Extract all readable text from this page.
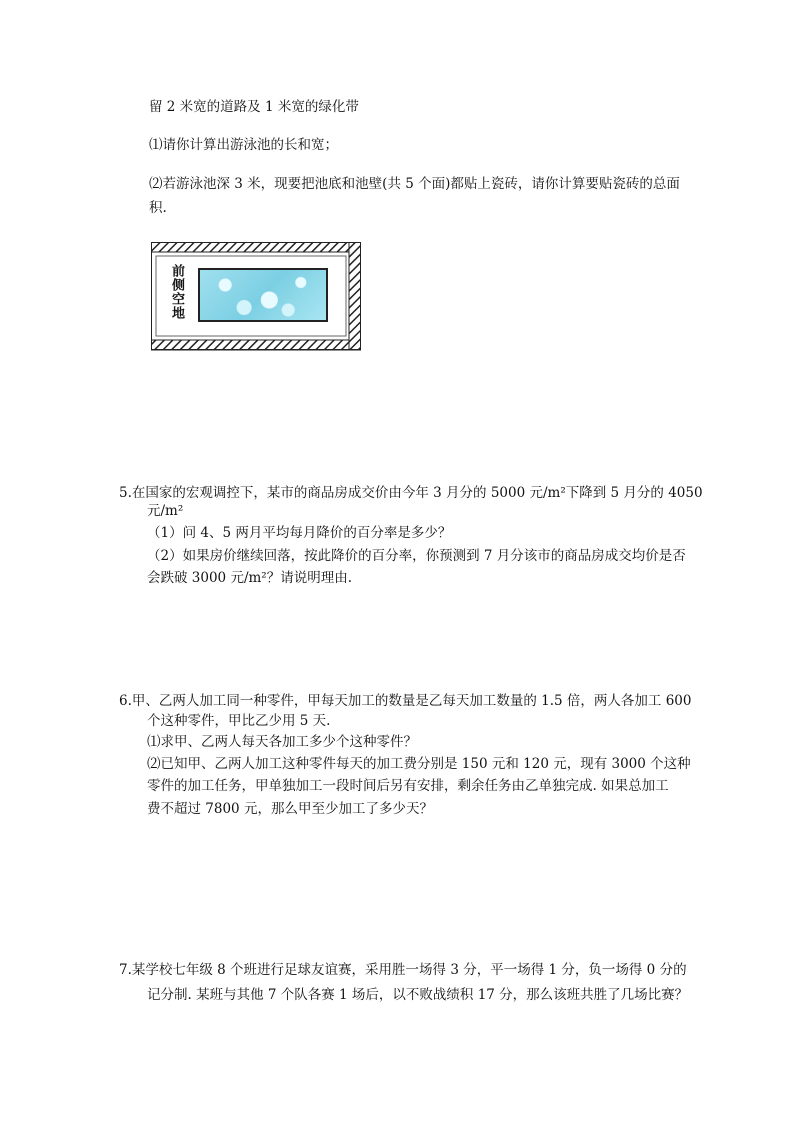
留 2 米宽的道路及 1 米宽的绿化带
⑴请你计算出游泳池的长和宽；
⑵若游泳池深 3 米，现要把池底和池壁(共 5 个面)都贴上瓷砖，请你计算要贴瓷砖的总面
积.
前侧空地
5.在国家的宏观调控下，某市的商品房成交价由今年 3 月分的 5000 元/m²下降到 5 月分的 4050
元/m²
（1）问 4、5 两月平均每月降价的百分率是多少？
（2）如果房价继续回落，按此降价的百分率，你预测到 7 月分该市的商品房成交均价是否
会跌破 3000 元/m²？请说明理由.
6.甲、乙两人加工同一种零件，甲每天加工的数量是乙每天加工数量的 1.5 倍，两人各加工 600
个这种零件，甲比乙少用 5 天.
⑴求甲、乙两人每天各加工多少个这种零件？
⑵已知甲、乙两人加工这种零件每天的加工费分别是 150 元和 120 元，现有 3000 个这种
零件的加工任务，甲单独加工一段时间后另有安排，剩余任务由乙单独完成. 如果总加工
费不超过 7800 元，那么甲至少加工了多少天？
7.某学校七年级 8 个班进行足球友谊赛，采用胜一场得 3 分，平一场得 1 分，负一场得 0 分的
记分制. 某班与其他 7 个队各赛 1 场后，以不败战绩积 17 分，那么该班共胜了几场比赛？
